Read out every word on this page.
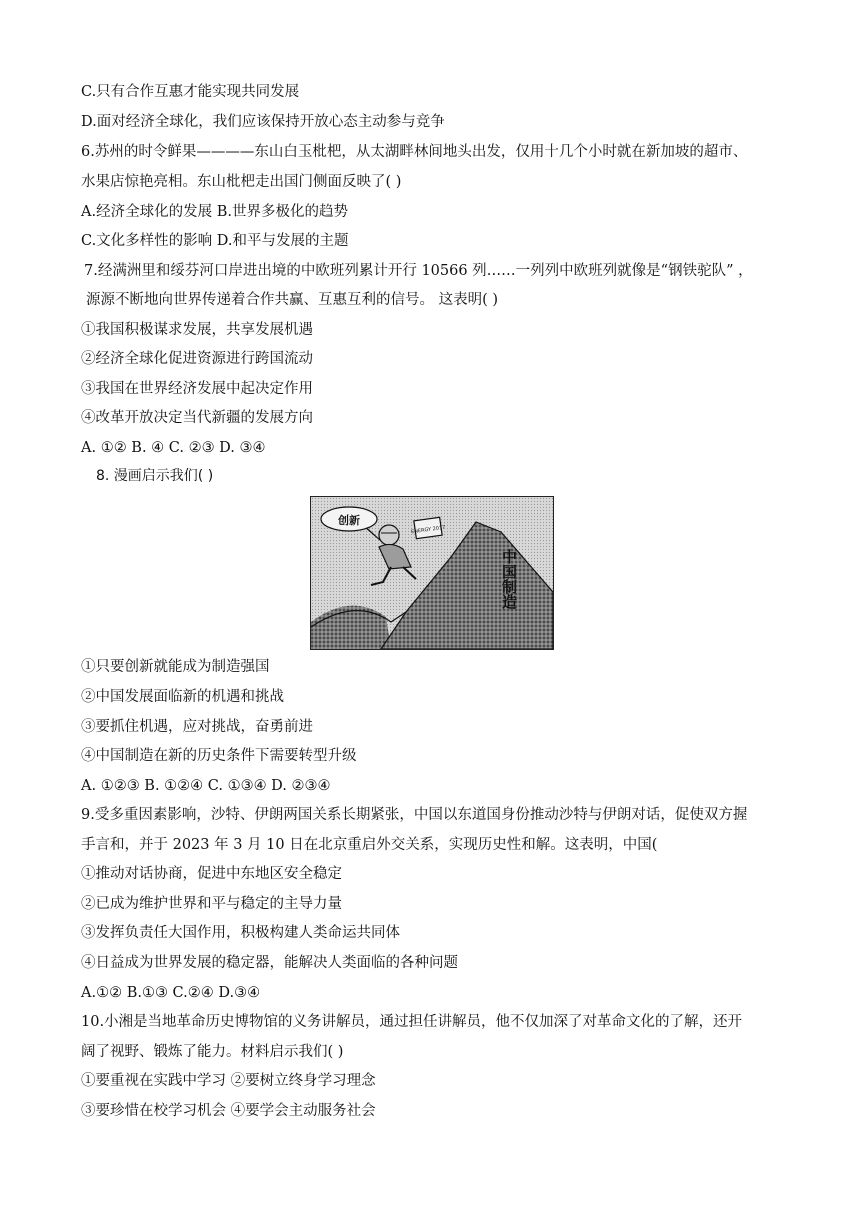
C.只有合作互惠才能实现共同发展
D.面对经济全球化，我们应该保持开放心态主动参与竞争
6.苏州的时令鲜果————东山白玉枇杷，从太湖畔林间地头出发，仅用十几个小时就在新加坡的超市、
水果店惊艳亮相。东山枇杷走出国门侧面反映了( )
A.经济全球化的发展 B.世界多极化的趋势
C.文化多样性的影响 D.和平与发展的主题
7.经满洲里和绥芬河口岸进出境的中欧班列累计开行 10566 列……一列列中欧班列就像是“钢铁驼队” ，
源源不断地向世界传递着合作共赢、互惠互利的信号。 这表明( )
①我国积极谋求发展，共享发展机遇
②经济全球化促进资源进行跨国流动
③我国在世界经济发展中起决定作用
④改革开放决定当代新疆的发展方向
A. ①② B. ④ C. ②③ D. ③④
8. 漫画启示我们( )
创新
ENERGY 2017
中国制造
①只要创新就能成为制造强国
②中国发展面临新的机遇和挑战
③要抓住机遇，应对挑战，奋勇前进
④中国制造在新的历史条件下需要转型升级
A. ①②③ B. ①②④ C. ①③④ D. ②③④
9.受多重因素影响，沙特、伊朗两国关系长期紧张，中国以东道国身份推动沙特与伊朗对话，促使双方握
手言和，并于 2023 年 3 月 10 日在北京重启外交关系，实现历史性和解。这表明，中国(
①推动对话协商，促进中东地区安全稳定
②已成为维护世界和平与稳定的主导力量
③发挥负责任大国作用，积极构建人类命运共同体
④日益成为世界发展的稳定器，能解决人类面临的各种问题
A.①② B.①③ C.②④ D.③④
10.小湘是当地革命历史博物馆的义务讲解员，通过担任讲解员，他不仅加深了对革命文化的了解，还开
阔了视野、锻炼了能力。材料启示我们( )
①要重视在实践中学习 ②要树立终身学习理念
③要珍惜在校学习机会 ④要学会主动服务社会
